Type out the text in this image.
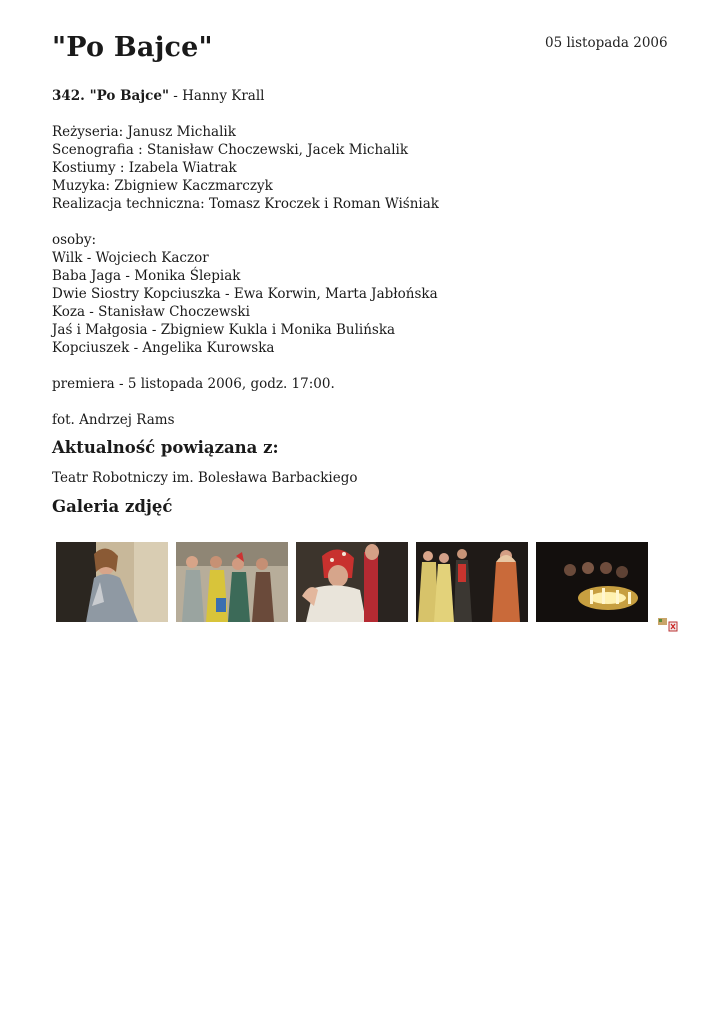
"Po Bajce"	05 listopada 2006

342. "Po Bajce" - Hanny Krall

Reżyseria: Janusz Michalik

Scenografia : Stanisław Choczewski, Jacek Michalik

Kostiumy : Izabela Wiatrak

Muzyka: Zbigniew Kaczmarczyk

Realizacja techniczna: Tomasz Kroczek i Roman Wiśniak

osoby:

Wilk - Wojciech Kaczor

Baba Jaga - Monika Ślepiak

Dwie Siostry Kopciuszka - Ewa Korwin, Marta Jabłońska

Koza - Stanisław Choczewski

Jaś i Małgosia - Zbigniew Kukla i Monika Bulińska

Kopciuszek - Angelika Kurowska

premiera - 5 listopada 2006, godz. 17:00.

fot. Andrzej Rams

Aktualność powiązana z:

Teatr Robotniczy im. Bolesława Barbackiego

Galeria zdjęć
